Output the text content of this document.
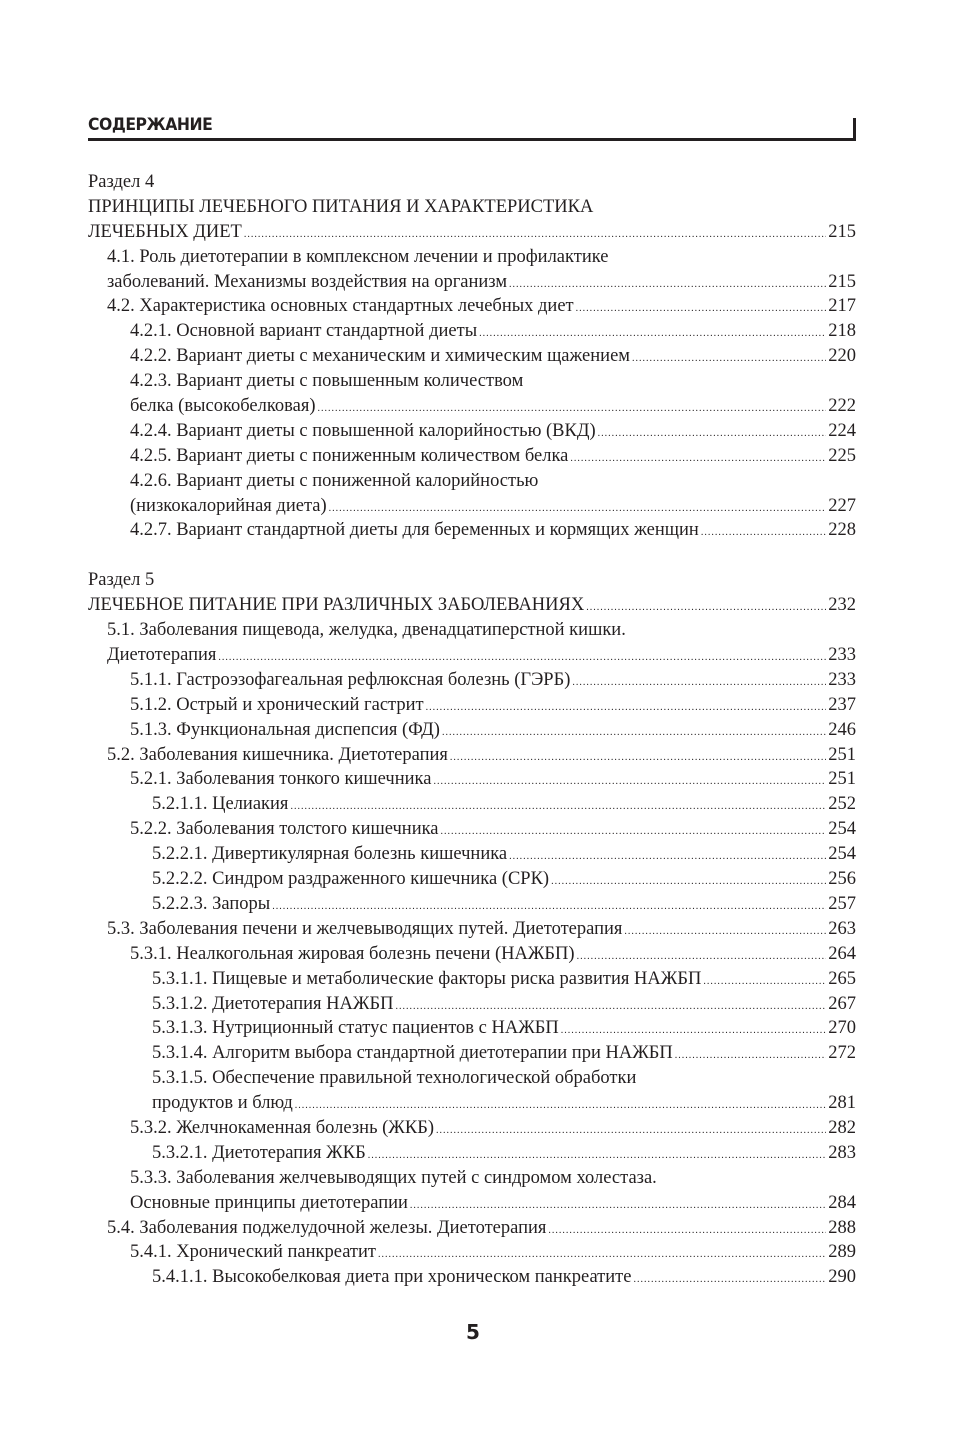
СОДЕРЖАНИЕ
Раздел 4
ПРИНЦИПЫ ЛЕЧЕБНОГО ПИТАНИЯ И ХАРАКТЕРИСТИКА
ЛЕЧЕБНЫХ ДИЕТ .....	215
4.1. Роль диетотерапии в комплексном лечении и профилактике
заболеваний. Механизмы воздействия на организм .....	215
4.2. Характеристика основных стандартных лечебных диет .....	217
4.2.1. Основной вариант стандартной диеты .....	218
4.2.2. Вариант диеты с механическим и химическим щажением .....	220
4.2.3. Вариант диеты с повышенным количеством
белка (высокобелковая) .....	222
4.2.4. Вариант диеты с повышенной калорийностью (ВКД) .....	224
4.2.5. Вариант диеты с пониженным количеством белка .....	225
4.2.6. Вариант диеты с пониженной калорийностью
(низкокалорийная диета) .....	227
4.2.7. Вариант стандартной диеты для беременных и кормящих женщин .....	228
Раздел 5
ЛЕЧЕБНОЕ ПИТАНИЕ ПРИ РАЗЛИЧНЫХ ЗАБОЛЕВАНИЯХ .....	232
5.1. Заболевания пищевода, желудка, двенадцатиперстной кишки.
Диетотерапия .....	233
5.1.1. Гастроэзофагеальная рефлюксная болезнь (ГЭРБ) .....	233
5.1.2. Острый и хронический гастрит .....	237
5.1.3. Функциональная диспепсия (ФД) .....	246
5.2. Заболевания кишечника. Диетотерапия .....	251
5.2.1. Заболевания тонкого кишечника .....	251
5.2.1.1. Целиакия .....	252
5.2.2. Заболевания толстого кишечника .....	254
5.2.2.1. Дивертикулярная болезнь кишечника .....	254
5.2.2.2. Синдром раздраженного кишечника (СРК) .....	256
5.2.2.3. Запоры .....	257
5.3. Заболевания печени и желчевыводящих путей. Диетотерапия .....	263
5.3.1. Неалкогольная жировая болезнь печени (НАЖБП) .....	264
5.3.1.1. Пищевые и метаболические факторы риска развития НАЖБП .....	265
5.3.1.2. Диетотерапия НАЖБП .....	267
5.3.1.3. Нутриционный статус пациентов с НАЖБП .....	270
5.3.1.4. Алгоритм выбора стандартной диетотерапии при НАЖБП .....	272
5.3.1.5. Обеспечение правильной технологической обработки
продуктов и блюд .....	281
5.3.2. Желчнокаменная болезнь (ЖКБ) .....	282
5.3.2.1. Диетотерапия ЖКБ .....	283
5.3.3. Заболевания желчевыводящих путей с синдромом холестаза.
Основные принципы диетотерапии .....	284
5.4. Заболевания поджелудочной железы. Диетотерапия .....	288
5.4.1. Хронический панкреатит .....	289
5.4.1.1. Высокобелковая диета при хроническом панкреатите .....	290
5
